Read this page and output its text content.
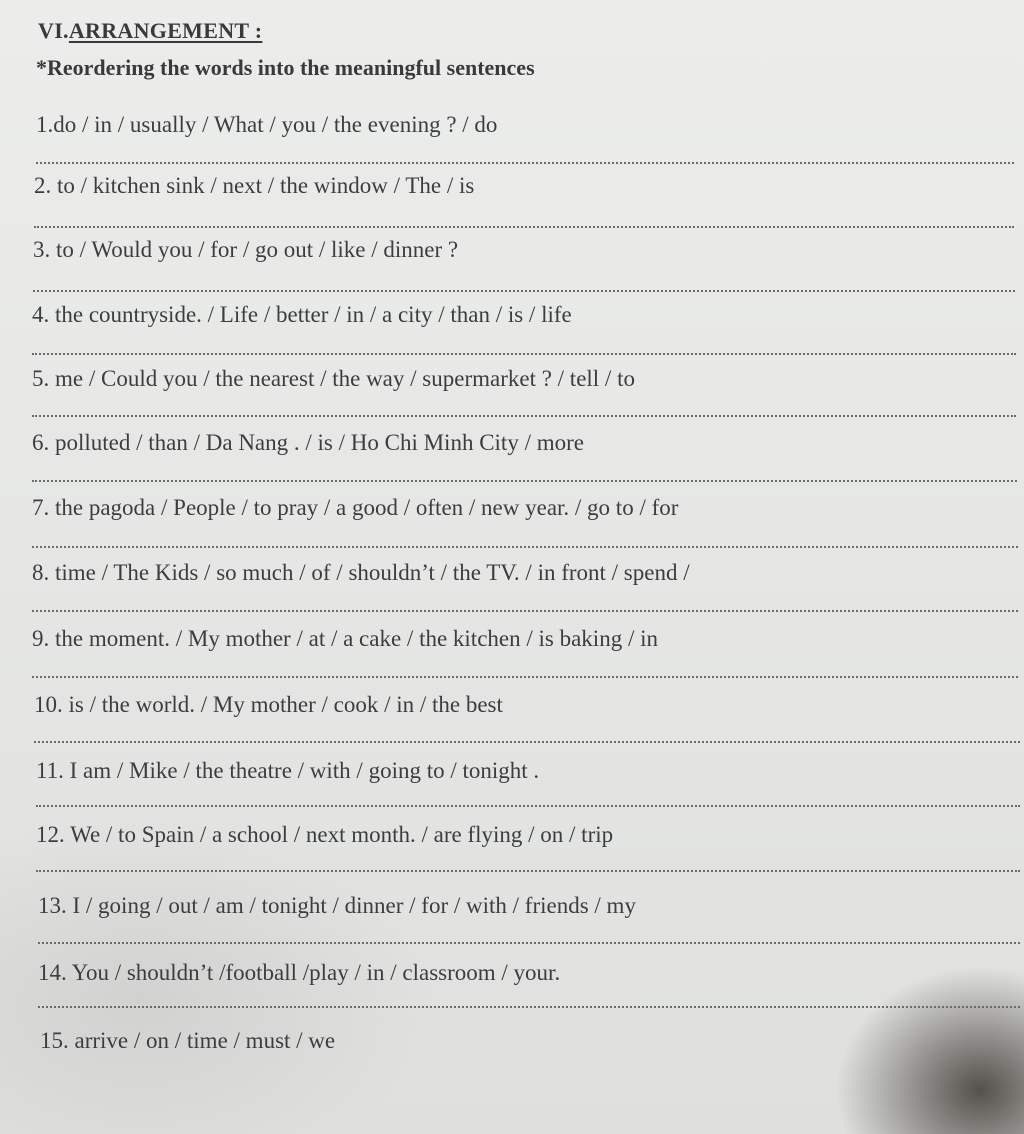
VI.ARRANGEMENT :
*Reordering the words into the meaningful sentences
1.do / in / usually / What / you / the evening ? / do
2. to / kitchen sink / next / the window / The / is
3. to / Would you / for / go out / like / dinner ?
4. the countryside. / Life / better / in / a city / than / is / life
5. me / Could you / the nearest / the way / supermarket ? / tell / to
6. polluted / than / Da Nang . / is / Ho Chi Minh City / more
7. the pagoda / People / to pray / a good / often / new year. / go to / for
8. time / The Kids / so much / of / shouldn’t / the TV. / in front / spend /
9. the moment. / My mother / at / a cake / the kitchen / is baking / in
10. is / the world. / My mother / cook / in / the best
11. I am / Mike / the theatre / with / going to / tonight .
12. We / to Spain / a school / next month. / are flying / on / trip
13. I / going / out / am / tonight / dinner / for / with / friends / my
14. You / shouldn’t /football /play / in / classroom / your.
15. arrive / on / time / must / we
